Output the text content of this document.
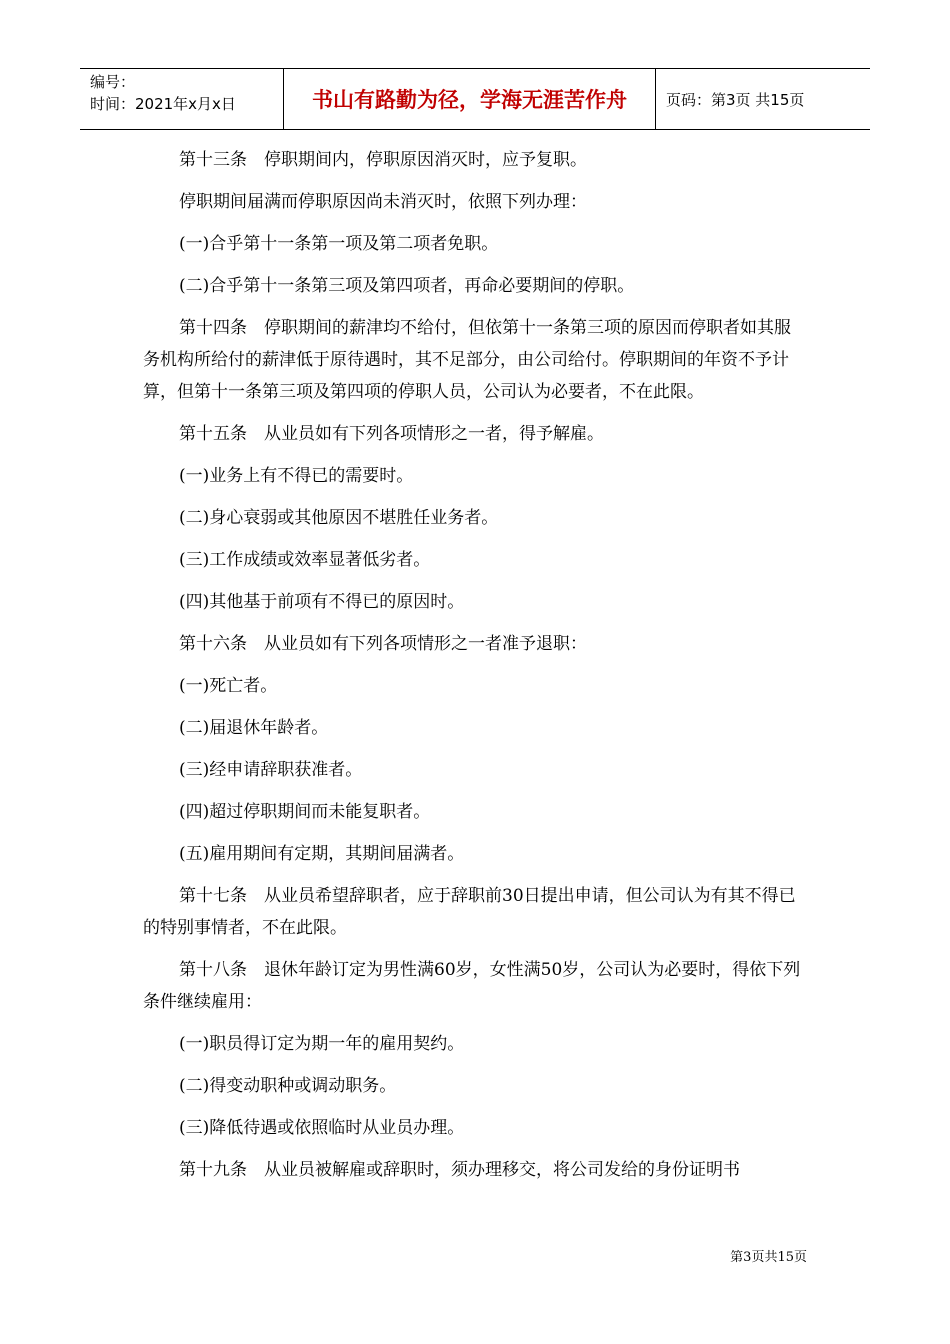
编号：
时间：2021年x月x日	书山有路勤为径，学海无涯苦作舟	页码：第3页 共15页

第十三条　停职期间内，停职原因消灭时，应予复职。

停职期间届满而停职原因尚未消灭时，依照下列办理：

(一)合乎第十一条第一项及第二项者免职。

(二)合乎第十一条第三项及第四项者，再命必要期间的停职。

第十四条　停职期间的薪津均不给付，但依第十一条第三项的原因而停职者如其服务机构所给付的薪津低于原待遇时，其不足部分，由公司给付。停职期间的年资不予计算，但第十一条第三项及第四项的停职人员，公司认为必要者，不在此限。

第十五条　从业员如有下列各项情形之一者，得予解雇。

(一)业务上有不得已的需要时。

(二)身心衰弱或其他原因不堪胜任业务者。

(三)工作成绩或效率显著低劣者。

(四)其他基于前项有不得已的原因时。

第十六条　从业员如有下列各项情形之一者准予退职：

(一)死亡者。

(二)届退休年龄者。

(三)经申请辞职获准者。

(四)超过停职期间而未能复职者。

(五)雇用期间有定期，其期间届满者。

第十七条　从业员希望辞职者，应于辞职前30日提出申请，但公司认为有其不得已的特别事情者，不在此限。

第十八条　退休年龄订定为男性满60岁，女性满50岁，公司认为必要时，得依下列条件继续雇用：

(一)职员得订定为期一年的雇用契约。

(二)得变动职种或调动职务。

(三)降低待遇或依照临时从业员办理。

第十九条　从业员被解雇或辞职时，须办理移交，将公司发给的身份证明书

第3页共15页
